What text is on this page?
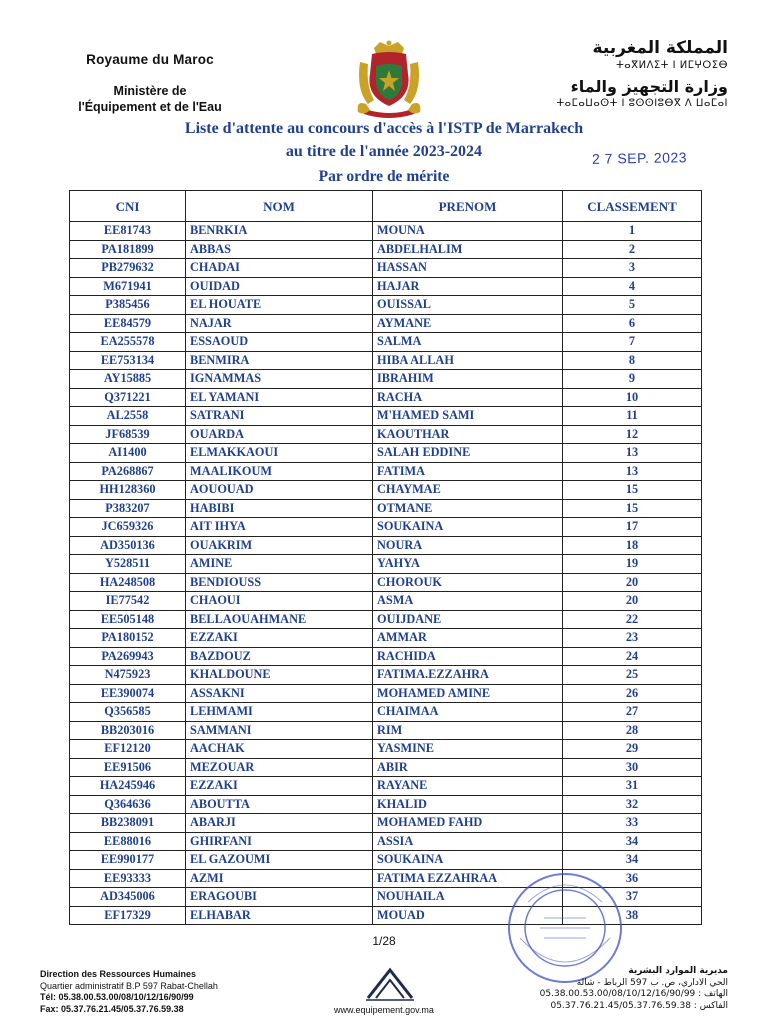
Royaume du Maroc
Ministère de
l'Équipement et de l'Eau
المملكة المغربية
ⵜⴰⴳⵍⴷⵉⵜ ⵏ ⵍⵎⵖⵔⵉⴱ
وزارة التجهيز والماء
ⵜⴰⵎⴰⵡⴰⵙⵜ ⵏ ⵓⵙⵙⵏⵓⴱⴳ ⴷ ⵡⴰⵎⴰⵏ
Liste d'attente au concours d'accès à l'ISTP de Marrakech
au titre de l'année 2023-2024
Par ordre de mérite
2 7 SEP. 2023
CNI	NOM	PRENOM	CLASSEMENT
EE81743	BENRKIA	MOUNA	1
PA181899	ABBAS	ABDELHALIM	2
PB279632	CHADAI	HASSAN	3
M671941	OUIDAD	HAJAR	4
P385456	EL HOUATE	OUISSAL	5
EE84579	NAJAR	AYMANE	6
EA255578	ESSAOUD	SALMA	7
EE753134	BENMIRA	HIBA ALLAH	8
AY15885	IGNAMMAS	IBRAHIM	9
Q371221	EL YAMANI	RACHA	10
AL2558	SATRANI	M'HAMED SAMI	11
JF68539	OUARDA	KAOUTHAR	12
AI1400	ELMAKKAOUI	SALAH EDDINE	13
PA268867	MAALIKOUM	FATIMA	13
HH128360	AOUOUAD	CHAYMAE	15
P383207	HABIBI	OTMANE	15
JC659326	AIT IHYA	SOUKAINA	17
AD350136	OUAKRIM	NOURA	18
Y528511	AMINE	YAHYA	19
HA248508	BENDIOUSS	CHOROUK	20
IE77542	CHAOUI	ASMA	20
EE505148	BELLAOUAHMANE	OUIJDANE	22
PA180152	EZZAKI	AMMAR	23
PA269943	BAZDOUZ	RACHIDA	24
N475923	KHALDOUNE	FATIMA.EZZAHRA	25
EE390074	ASSAKNI	MOHAMED AMINE	26
Q356585	LEHMAMI	CHAIMAA	27
BB203016	SAMMANI	RIM	28
EF12120	AACHAK	YASMINE	29
EE91506	MEZOUAR	ABIR	30
HA245946	EZZAKI	RAYANE	31
Q364636	ABOUTTA	KHALID	32
BB238091	ABARJI	MOHAMED FAHD	33
EE88016	GHIRFANI	ASSIA	34
EE990177	EL GAZOUMI	SOUKAINA	34
EE93333	AZMI	FATIMA EZZAHRAA	36
AD345006	ERAGOUBI	NOUHAILA	37
EF17329	ELHABAR	MOUAD	38
1/28
Direction des Ressources Humaines
Quartier administratif B.P 597 Rabat-Chellah
Tél: 05.38.00.53.00/08/10/12/16/90/99
Fax: 05.37.76.21.45/05.37.76.59.38	www.equipement.gov.ma
مديرية الموارد البشرية
الحي الاداري، ص. ب 597 الرباط - شالة
الهاتف : 05.38.00.53.00/08/10/12/16/90/99
الفاكس : 05.37.76.21.45/05.37.76.59.38
